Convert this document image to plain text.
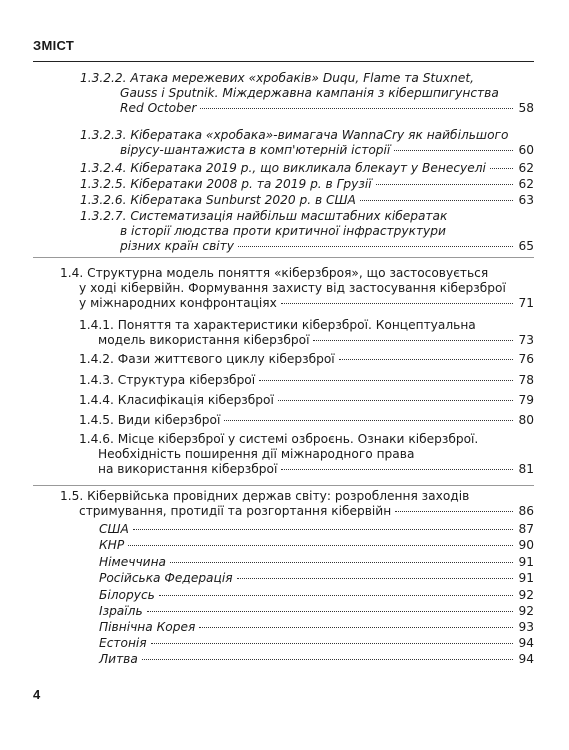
ЗМІСТ
1.3.2.2. Атака мережевих «хробаків» Duqu, Flame та Stuxnet,
Gauss і Sputnik. Міждержавна кампанія з кібершпигунства
Red October	58
1.3.2.3. Кібератака «хробака»-вимагача WannaCry як найбільшого
вірусу-шантажиста в комп'ютерній історії	60
1.3.2.4. Кібератака 2019 р., що викликала блекаут у Венесуелі	62
1.3.2.5. Кібератаки 2008 р. та 2019 р. в Грузії	62
1.3.2.6. Кібератака Sunburst 2020 р. в США	63
1.3.2.7. Систематизація найбільш масштабних кібератак
в історії людства проти критичної інфраструктури
різних країн світу	65
1.4. Структурна модель поняття «кіберзброя», що застосовується
у ході кібервійн. Формування захисту від застосування кіберзброї
у міжнародних конфронтаціях	71
1.4.1. Поняття та характеристики кіберзброї. Концептуальна
модель використання кіберзброї	73
1.4.2. Фази життєвого циклу кіберзброї	76
1.4.3. Структура кіберзброї	78
1.4.4. Класифікація кіберзброї	79
1.4.5. Види кіберзброї	80
1.4.6. Місце кіберзброї у системі озброєнь. Ознаки кіберзброї.
Необхідність поширення дії міжнародного права
на використання кіберзброї	81
1.5. Кібервійська провідних держав світу: розроблення заходів
стримування, протидії та розгортання кібервійн	86
США	87
КНР	90
Німеччина	91
Російська Федерація	91
Білорусь	92
Ізраїль	92
Північна Корея	93
Естонія	94
Литва	94
4
